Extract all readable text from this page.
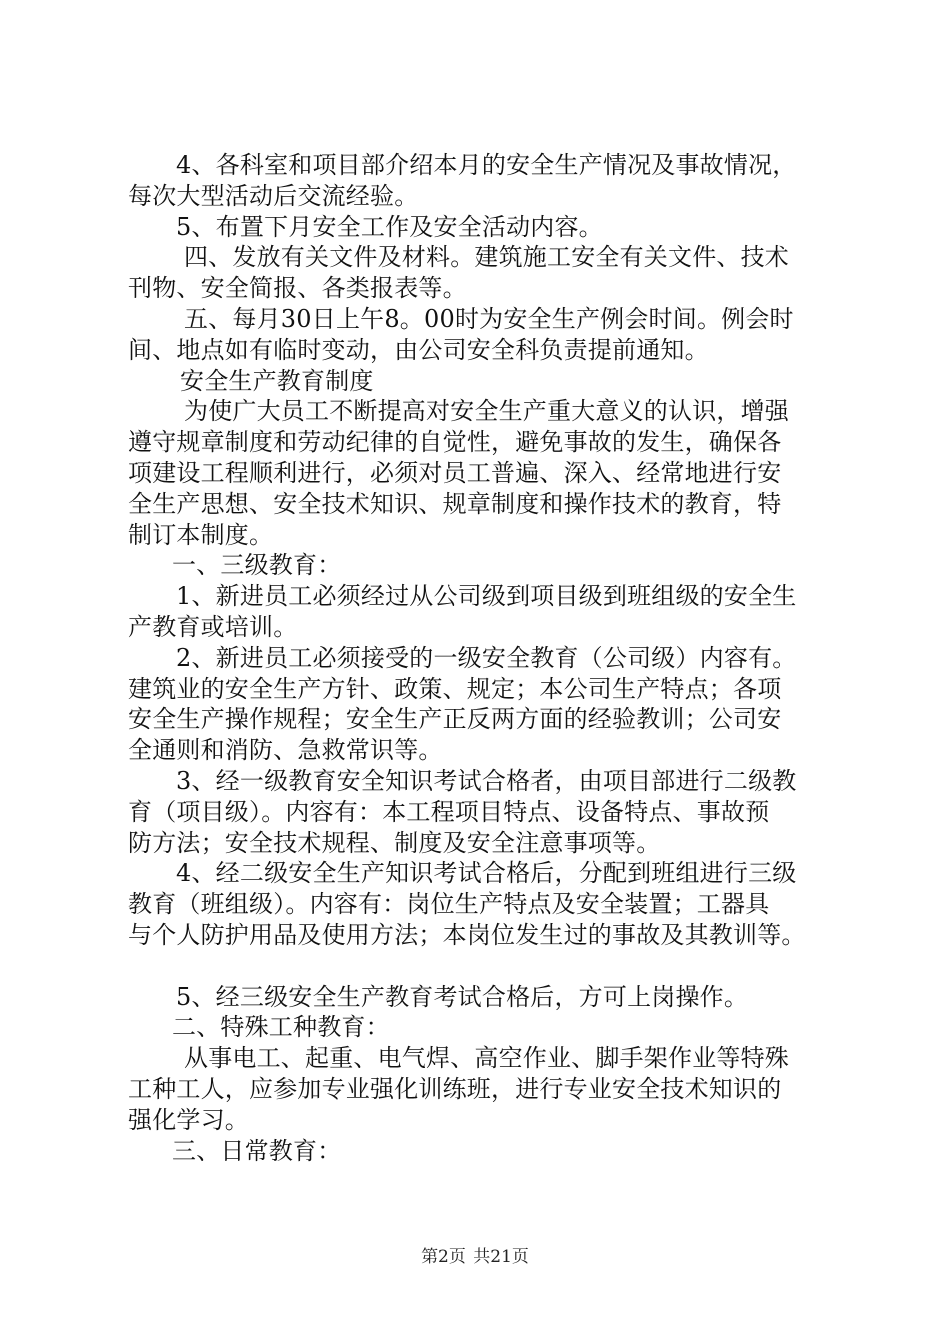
4、各科室和项目部介绍本月的安全生产情况及事故情况，
每次大型活动后交流经验。
5、布置下月安全工作及安全活动内容。
四、发放有关文件及材料。建筑施工安全有关文件、技术
刊物、安全简报、各类报表等。
五、每月30日上午8。00时为安全生产例会时间。例会时
间、地点如有临时变动，由公司安全科负责提前通知。
安全生产教育制度
为使广大员工不断提高对安全生产重大意义的认识，增强
遵守规章制度和劳动纪律的自觉性，避免事故的发生，确保各
项建设工程顺利进行，必须对员工普遍、深入、经常地进行安
全生产思想、安全技术知识、规章制度和操作技术的教育，特
制订本制度。
一、三级教育：
1、新进员工必须经过从公司级到项目级到班组级的安全生
产教育或培训。
2、新进员工必须接受的一级安全教育（公司级）内容有。
建筑业的安全生产方针、政策、规定；本公司生产特点；各项
安全生产操作规程；安全生产正反两方面的经验教训；公司安
全通则和消防、急救常识等。
3、经一级教育安全知识考试合格者，由项目部进行二级教
育（项目级）。内容有：本工程项目特点、设备特点、事故预
防方法；安全技术规程、制度及安全注意事项等。
4、经二级安全生产知识考试合格后，分配到班组进行三级
教育（班组级）。内容有：岗位生产特点及安全装置；工器具
与个人防护用品及使用方法；本岗位发生过的事故及其教训等。
5、经三级安全生产教育考试合格后，方可上岗操作。
二、特殊工种教育：
从事电工、起重、电气焊、高空作业、脚手架作业等特殊
工种工人，应参加专业强化训练班，进行专业安全技术知识的
强化学习。
三、日常教育：
第2页 共21页
